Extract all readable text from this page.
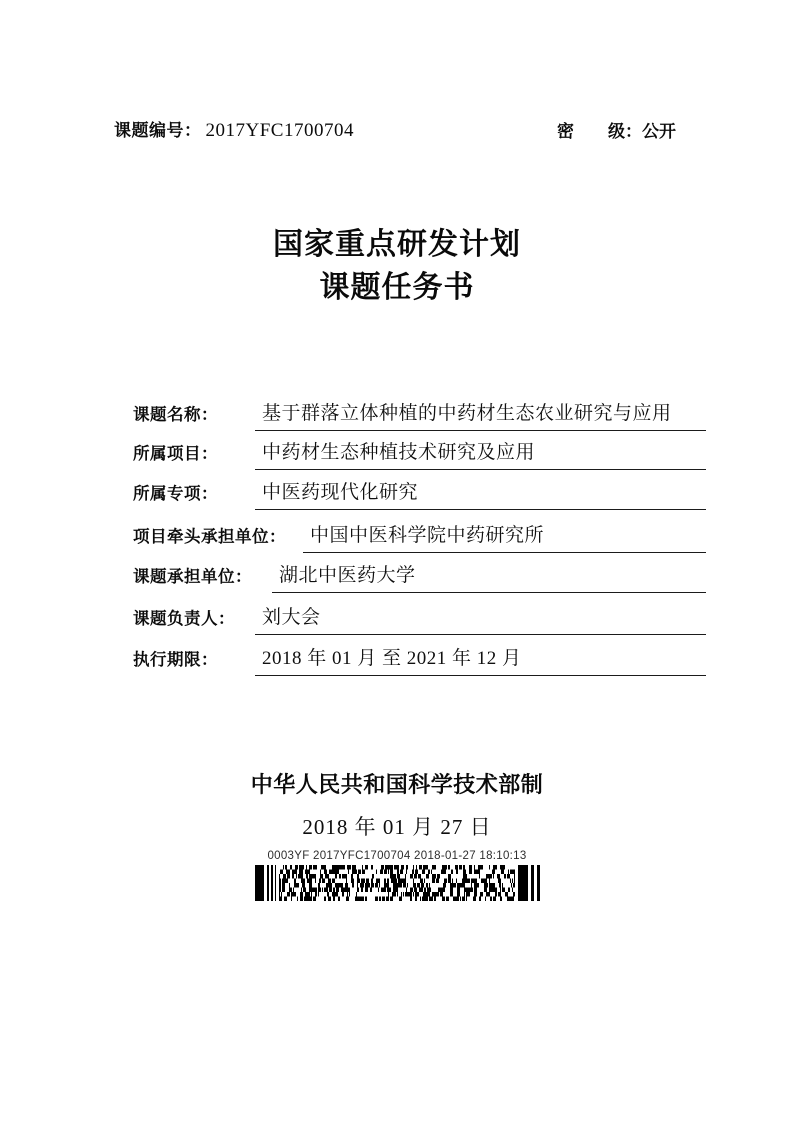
课题编号： 2017YFC1700704	密　　级：公开
国家重点研发计划
课题任务书
课题名称：	基于群落立体种植的中药材生态农业研究与应用
所属项目：	中药材生态种植技术研究及应用
所属专项：	中医药现代化研究
项目牵头承担单位：	中国中医科学院中药研究所
课题承担单位：	湖北中医药大学
课题负责人：	刘大会
执行期限：	2018 年 01 月 至 2021 年 12 月
中华人民共和国科学技术部制
2018 年 01 月 27 日
0003YF 2017YFC1700704 2018-01-27 18:10:13
